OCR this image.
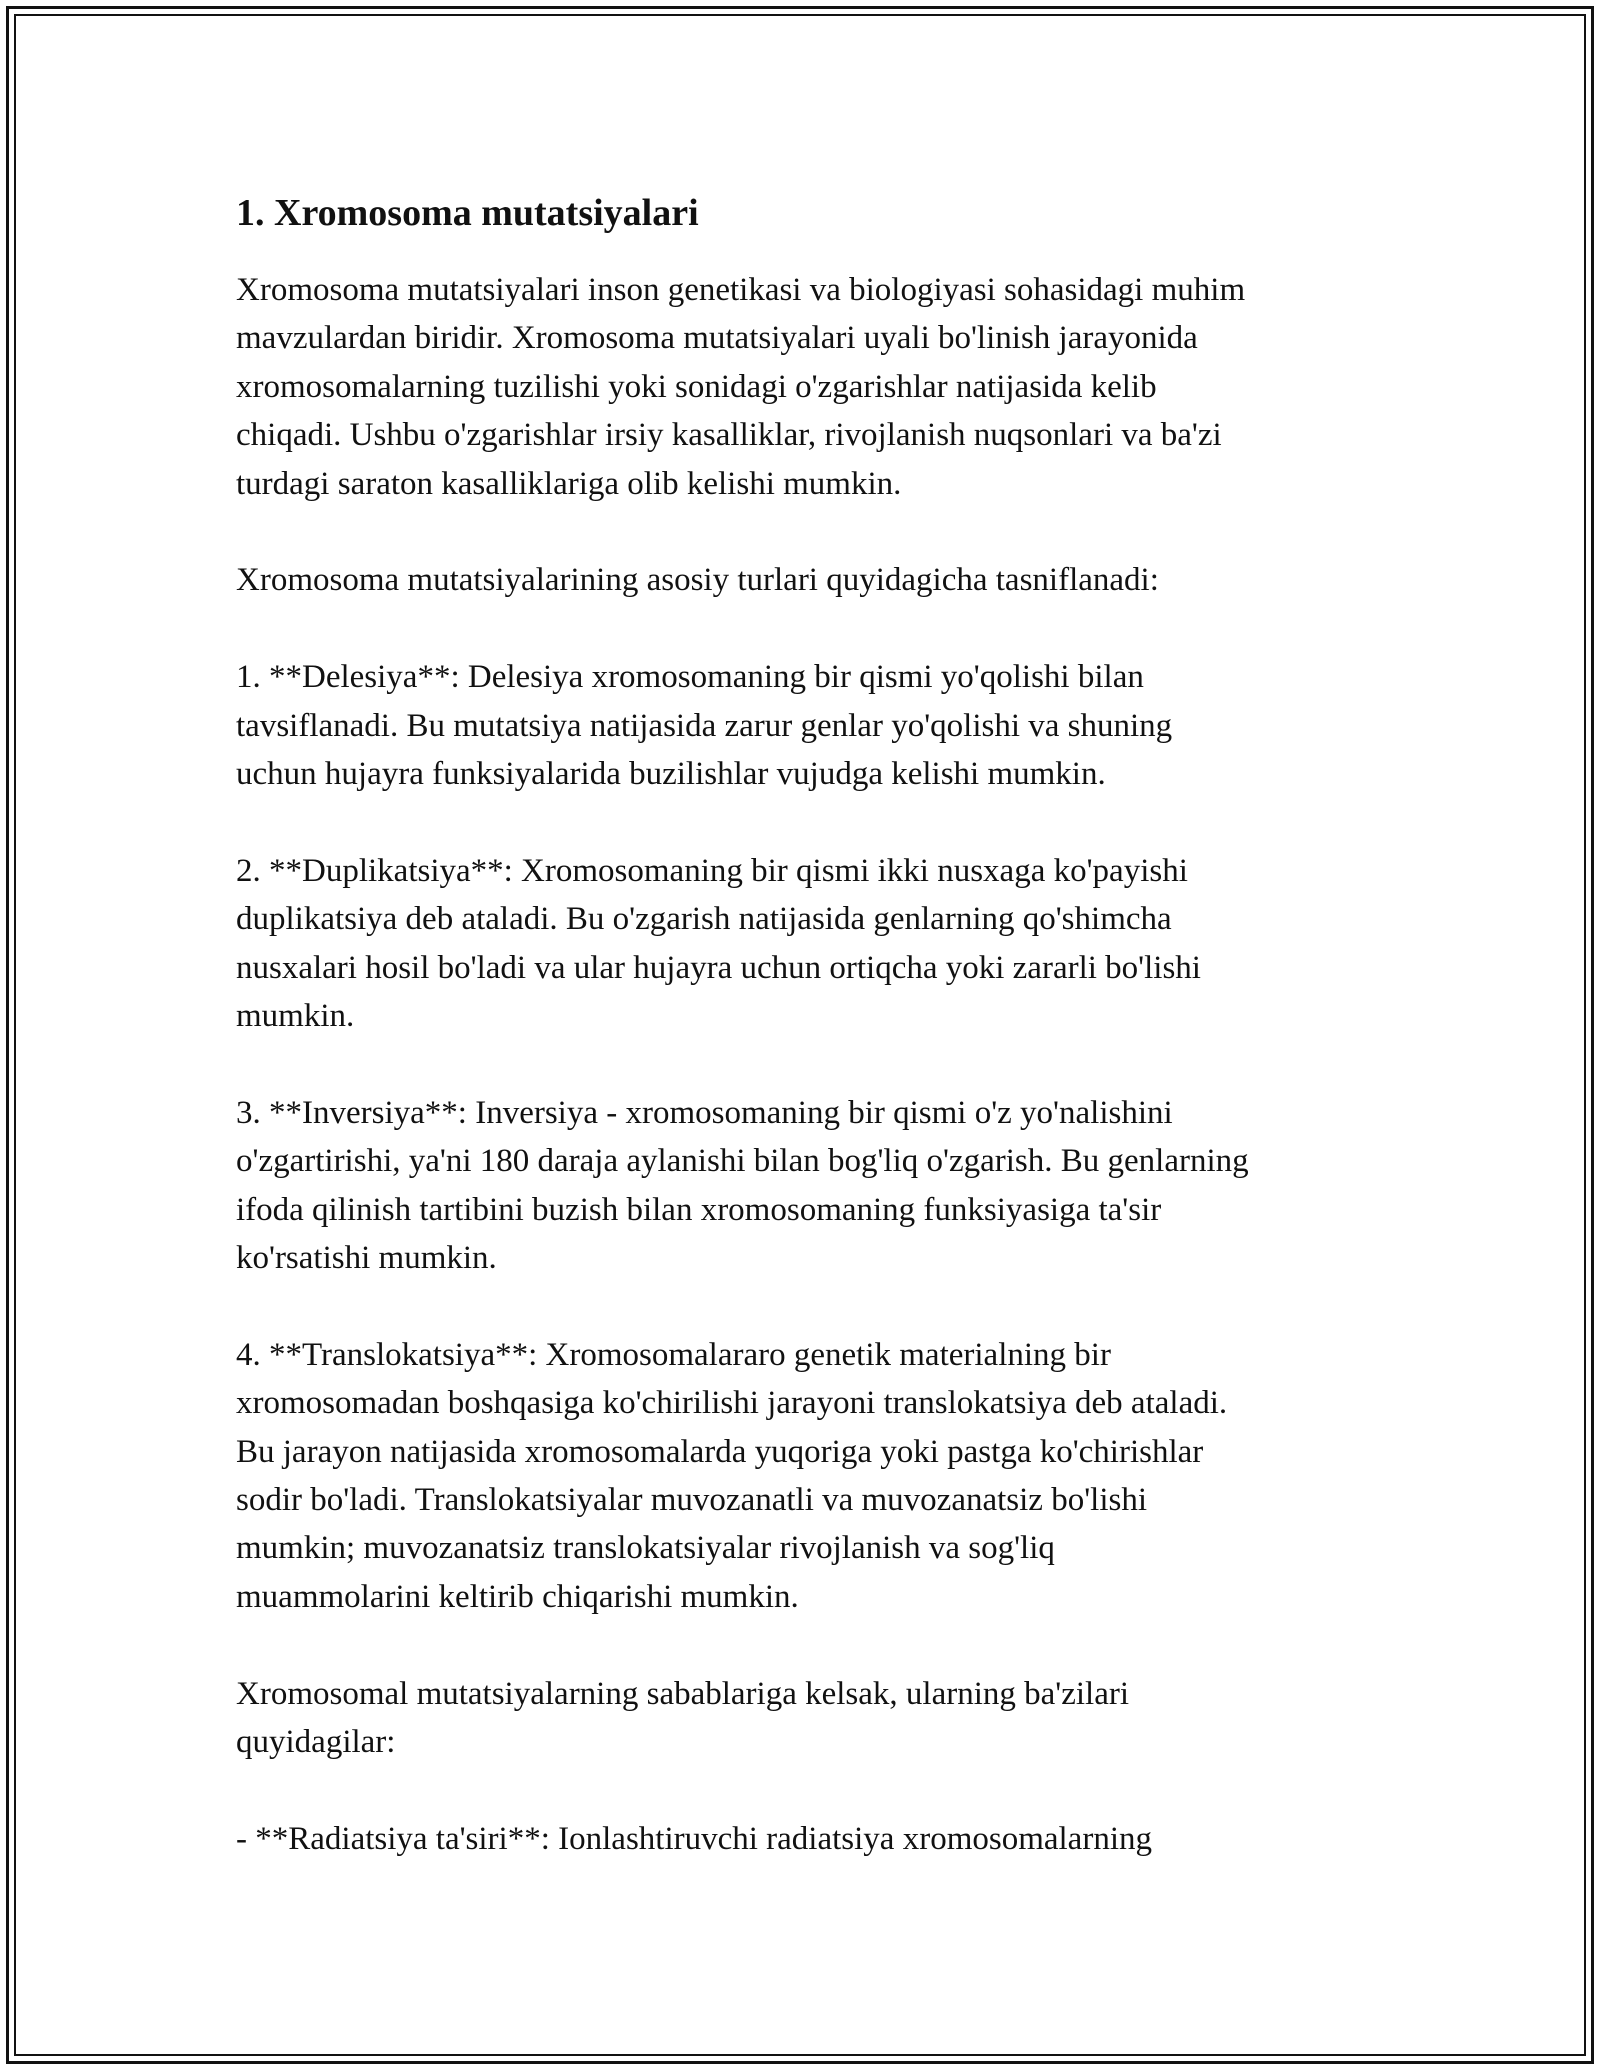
1. Xromosoma mutatsiyalari

Xromosoma mutatsiyalari inson genetikasi va biologiyasi sohasidagi muhim
mavzulardan biridir. Xromosoma mutatsiyalari uyali bo'linish jarayonida
xromosomalarning tuzilishi yoki sonidagi o'zgarishlar natijasida kelib
chiqadi. Ushbu o'zgarishlar irsiy kasalliklar, rivojlanish nuqsonlari va ba'zi
turdagi saraton kasalliklariga olib kelishi mumkin.

Xromosoma mutatsiyalarining asosiy turlari quyidagicha tasniflanadi:

1. **Delesiya**: Delesiya xromosomaning bir qismi yo'qolishi bilan
tavsiflanadi. Bu mutatsiya natijasida zarur genlar yo'qolishi va shuning
uchun hujayra funksiyalarida buzilishlar vujudga kelishi mumkin.

2. **Duplikatsiya**: Xromosomaning bir qismi ikki nusxaga ko'payishi
duplikatsiya deb ataladi. Bu o'zgarish natijasida genlarning qo'shimcha
nusxalari hosil bo'ladi va ular hujayra uchun ortiqcha yoki zararli bo'lishi
mumkin.

3. **Inversiya**: Inversiya - xromosomaning bir qismi o'z yo'nalishini
o'zgartirishi, ya'ni 180 daraja aylanishi bilan bog'liq o'zgarish. Bu genlarning
ifoda qilinish tartibini buzish bilan xromosomaning funksiyasiga ta'sir
ko'rsatishi mumkin.

4. **Translokatsiya**: Xromosomalararo genetik materialning bir
xromosomadan boshqasiga ko'chirilishi jarayoni translokatsiya deb ataladi.
Bu jarayon natijasida xromosomalarda yuqoriga yoki pastga ko'chirishlar
sodir bo'ladi. Translokatsiyalar muvozanatli va muvozanatsiz bo'lishi
mumkin; muvozanatsiz translokatsiyalar rivojlanish va sog'liq
muammolarini keltirib chiqarishi mumkin.

Xromosomal mutatsiyalarning sabablariga kelsak, ularning ba'zilari
quyidagilar:

- **Radiatsiya ta'siri**: Ionlashtiruvchi radiatsiya xromosomalarning
